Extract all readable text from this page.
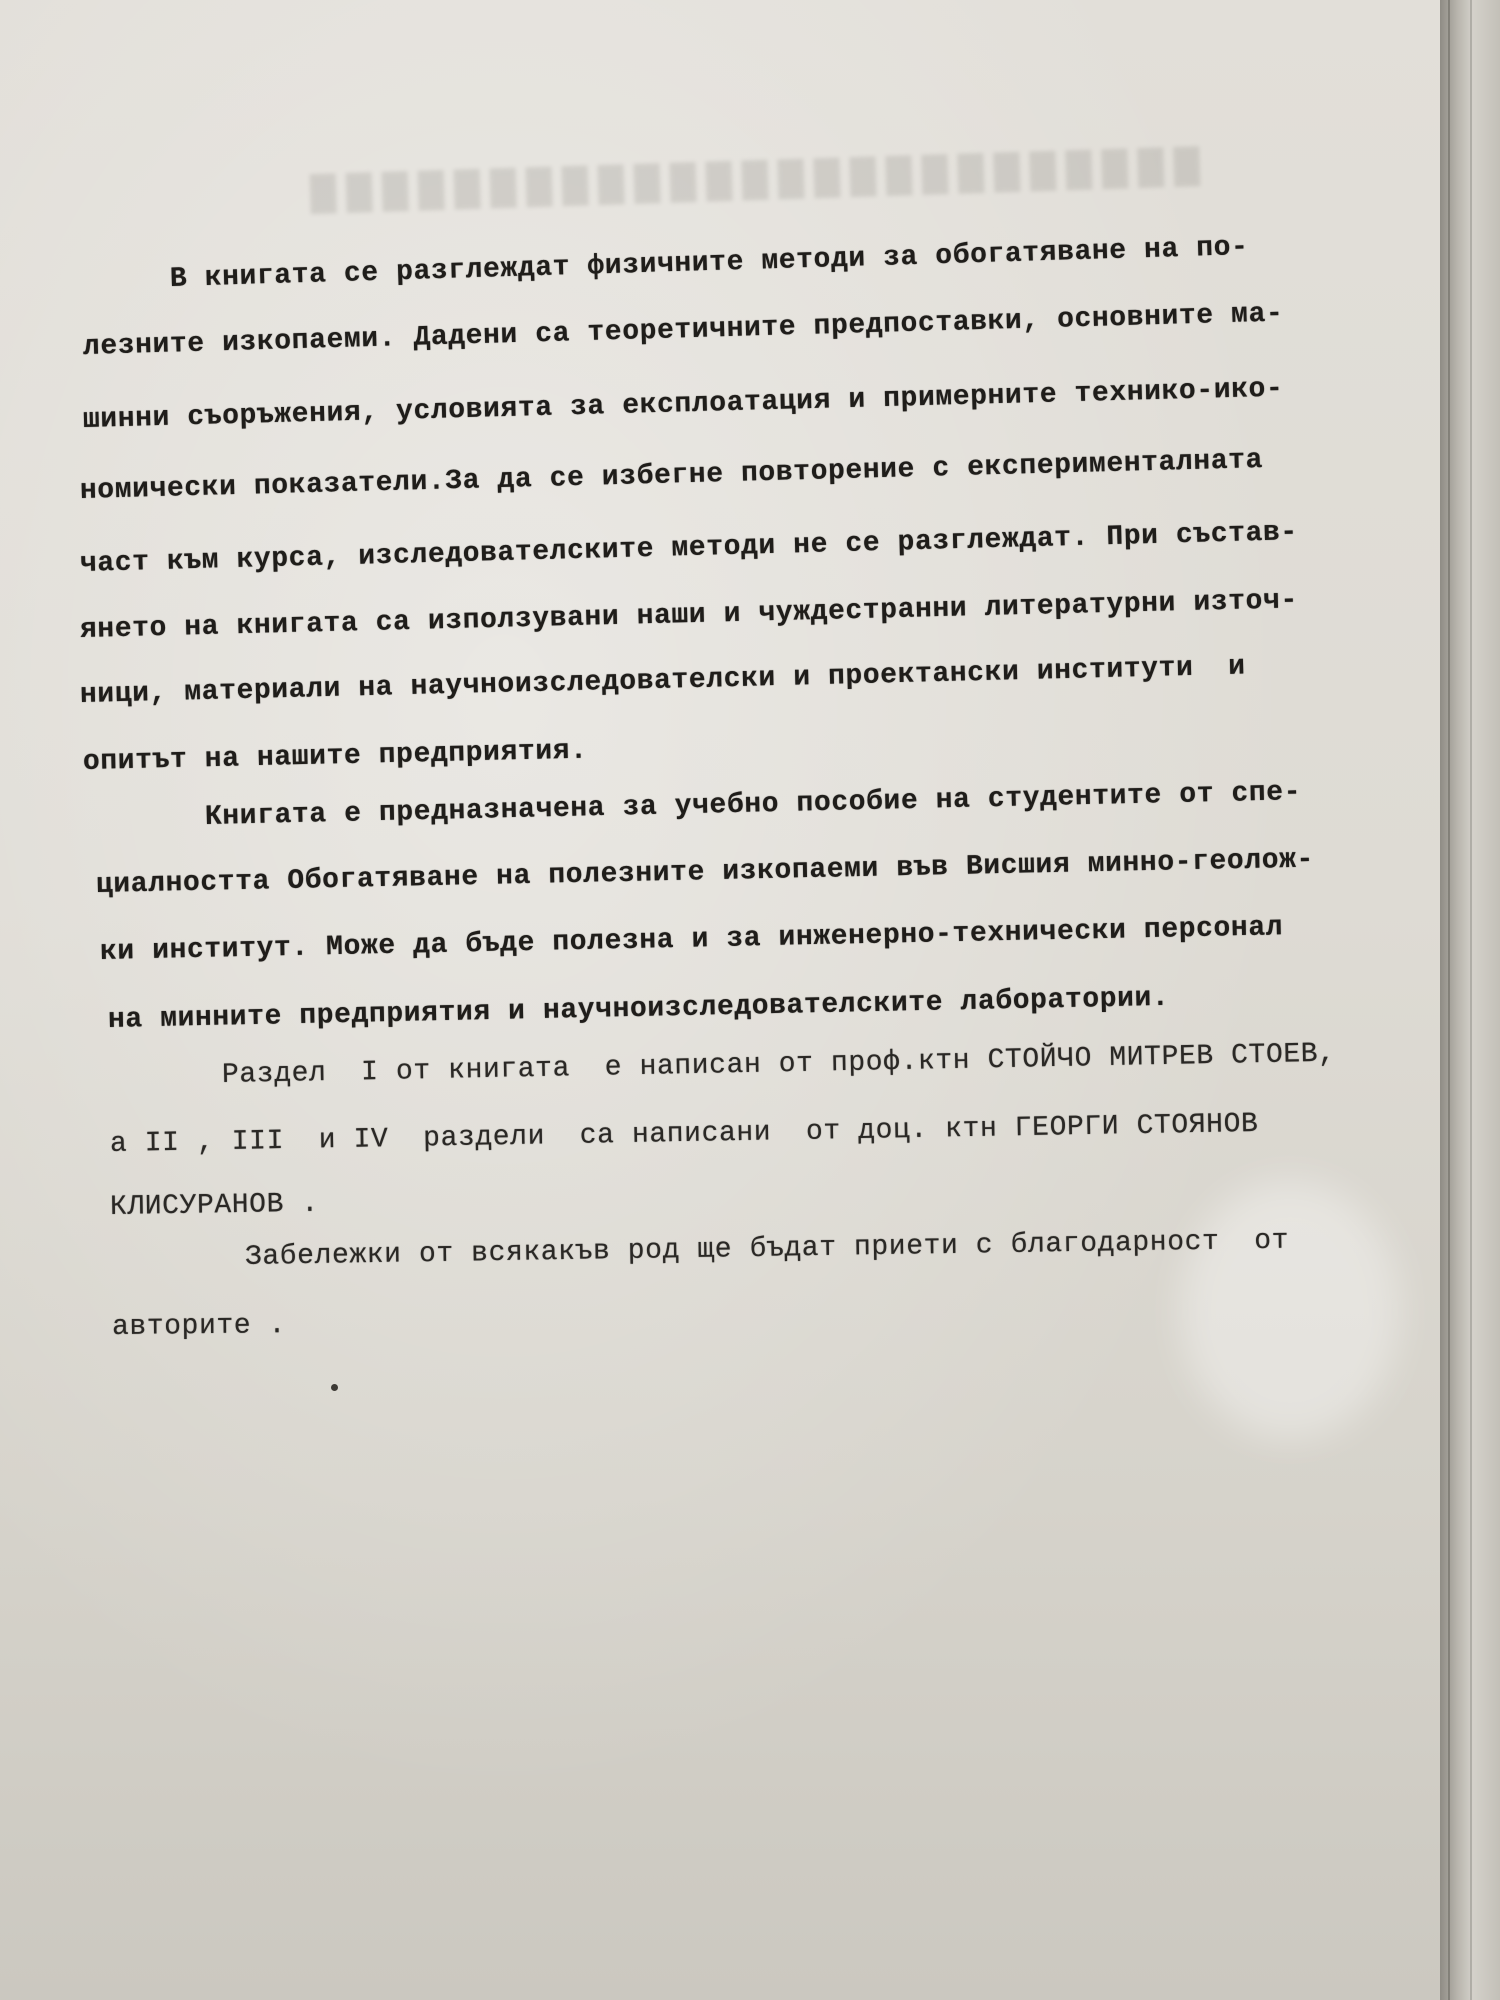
В книгата се разглеждат физичните методи за обогатяване на по-
лезните изкопаеми. Дадени са теоретичните предпоставки, основните ма-
шинни съоръжения, условията за експлоатация и примерните технико-ико-
номически показатели.За да се избегне повторение с експерименталната
част към курса, изследователските методи не се разглеждат. При състав-
янето на книгата са използувани наши и чуждестранни литературни източ-
ници, материали на научноизследователски и проектански институти  и
опитът на нашите предприятия.
Книгата е предназначена за учебно пособие на студентите от спе-
циалността Обогатяване на полезните изкопаеми във Висшия минно-геолож-
ки институт. Може да бъде полезна и за инженерно-технически персонал
на минните предприятия и научноизследователските лаборатории.
Раздел  I от книгата  е написан от проф.ктн СТОЙЧО МИТРЕВ СТОЕВ,
а II , III  и IV  раздели  са написани  от доц. ктн ГЕОРГИ СТОЯНОВ
КЛИСУРАНОВ .
Забележки от всякакъв род ще бъдат приети с благодарност  от
авторите .
